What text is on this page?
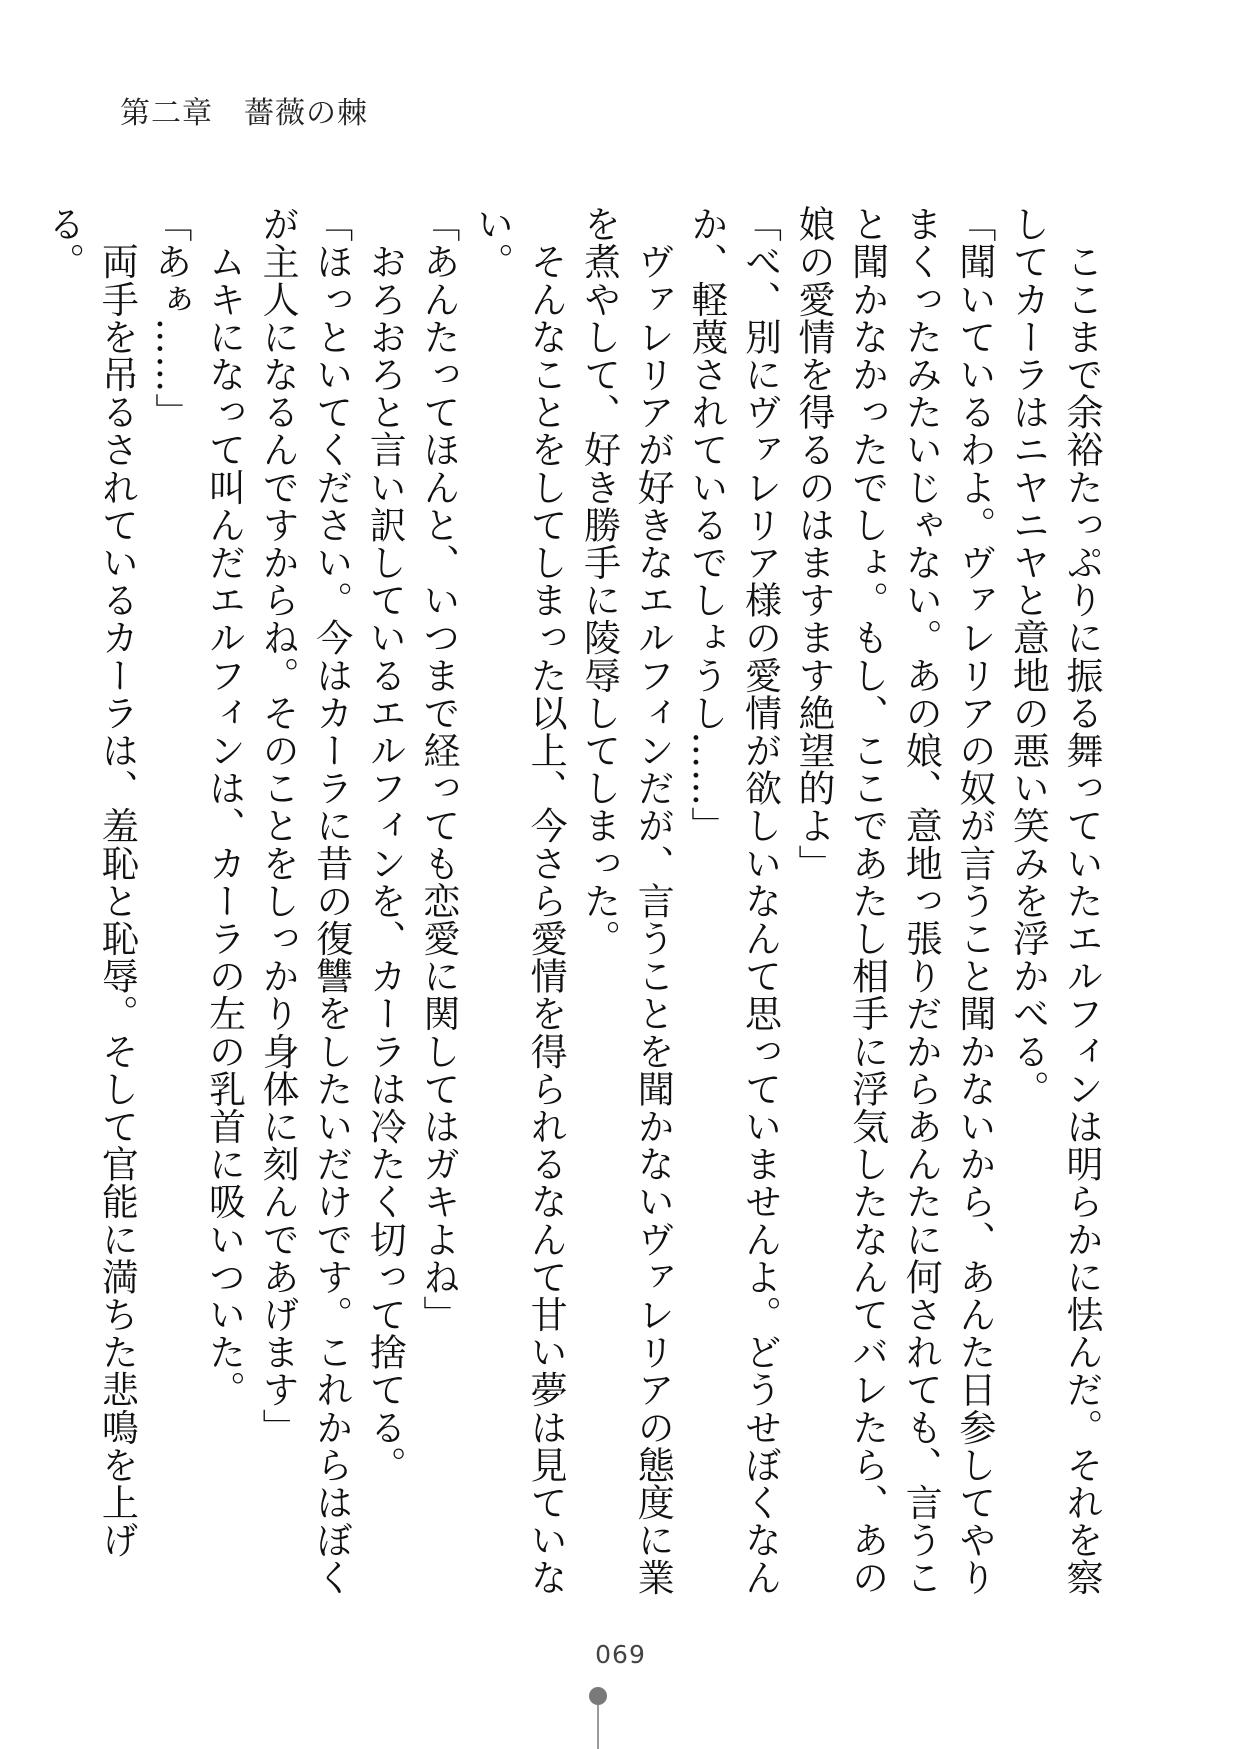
第二章　薔薇の棘

　ここまで余裕たっぷりに振る舞っていたエルフィンは明らかに怯んだ。それを察してカーラはニヤニヤと意地の悪い笑みを浮かべる。

「聞いているわよ。ヴァレリアの奴が言うこと聞かないから、あんた日参してやりまくったみたいじゃない。あの娘、意地っ張りだからあんたに何されても、言うこと聞かなかったでしょ。もし、ここであたし相手に浮気したなんてバレたら、あの娘の愛情を得るのはますます絶望的よ」

「べ、別にヴァレリア様の愛情が欲しいなんて思っていませんよ。どうせぼくなんか、軽蔑されているでしょうし……」

　ヴァレリアが好きなエルフィンだが、言うことを聞かないヴァレリアの態度に業を煮やして、好き勝手に陵辱してしまった。

　そんなことをしてしまった以上、今さら愛情を得られるなんて甘い夢は見ていない。

「あんたってほんと、いつまで経っても恋愛に関してはガキよね」

　おろおろと言い訳しているエルフィンを、カーラは冷たく切って捨てる。

「ほっといてください。今はカーラに昔の復讐をしたいだけです。これからはぼくが主人になるんですからね。そのことをしっかり身体に刻んであげます」

　ムキになって叫んだエルフィンは、カーラの左の乳首に吸いついた。

「あぁ……」

　両手を吊るされているカーラは、羞恥と恥辱。そして官能に満ちた悲鳴を上げる。

069
